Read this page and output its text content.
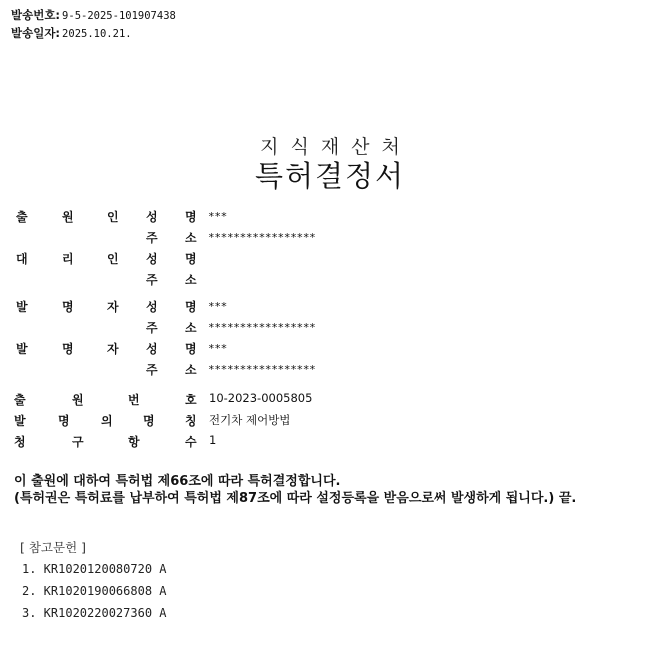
발송번호: 9-5-2025-101907438
발송일자: 2025.10.21.
지식재산처
특허결정서
출	원	인 성 명 ***
주 소 *****************
대	리	인 성 명
주 소
발	명	자 성 명 ***
주 소 *****************
발	명	자 성 명 ***
주 소 *****************
출	원	번	호 10-2023-0005805
발	명	의	명	칭 전기차 제어방법
청	구	항	수 1
이 출원에 대하여 특허법 제66조에 따라 특허결정합니다.
(특허권은 특허료를 납부하여 특허법 제87조에 따라 설정등록을 받음으로써 발생하게 됩니다.) 끝.
[ 참고문헌 ]
1. KR1020120080720 A
2. KR1020190066808 A
3. KR1020220027360 A
